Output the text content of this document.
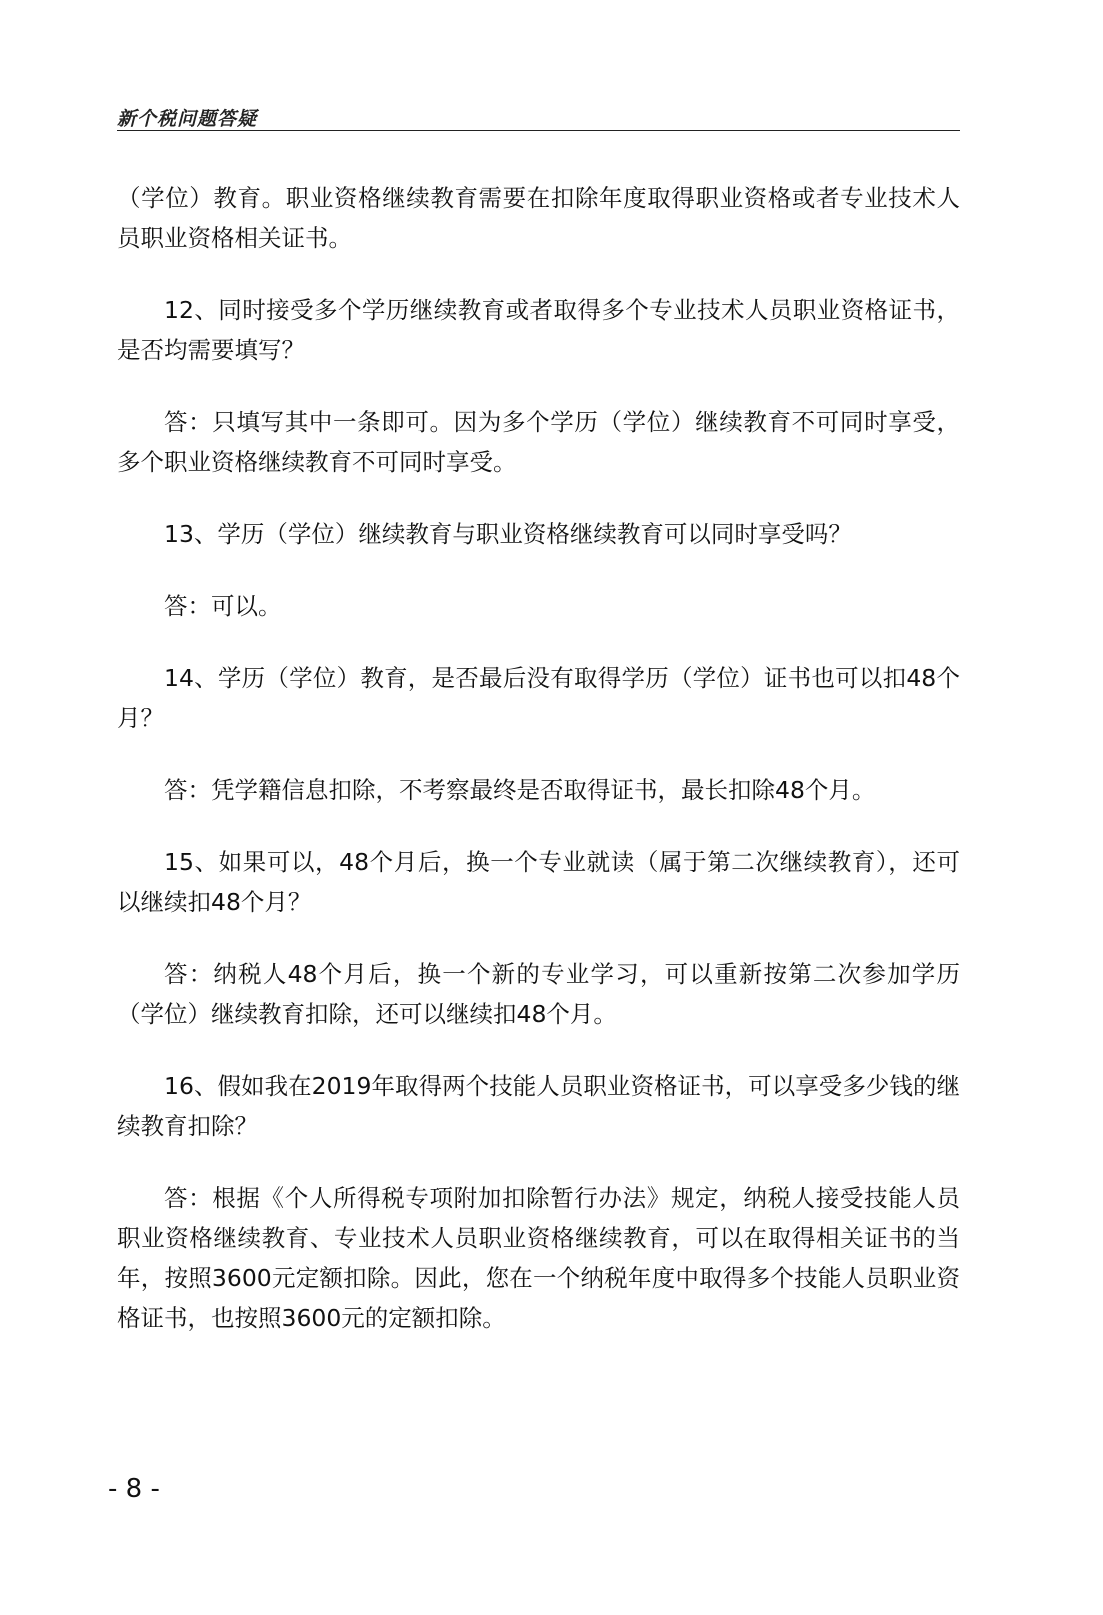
新个税问题答疑

（学位）教育。职业资格继续教育需要在扣除年度取得职业资格或者专业技术人员职业资格相关证书。

12、同时接受多个学历继续教育或者取得多个专业技术人员职业资格证书，是否均需要填写？

答：只填写其中一条即可。因为多个学历（学位）继续教育不可同时享受，多个职业资格继续教育不可同时享受。

13、学历（学位）继续教育与职业资格继续教育可以同时享受吗？

答：可以。

14、学历（学位）教育，是否最后没有取得学历（学位）证书也可以扣48个月？

答：凭学籍信息扣除，不考察最终是否取得证书，最长扣除48个月。

15、如果可以，48个月后，换一个专业就读（属于第二次继续教育），还可以继续扣48个月？

答：纳税人48个月后，换一个新的专业学习，可以重新按第二次参加学历（学位）继续教育扣除，还可以继续扣48个月。

16、假如我在2019年取得两个技能人员职业资格证书，可以享受多少钱的继续教育扣除？

答：根据《个人所得税专项附加扣除暂行办法》规定，纳税人接受技能人员职业资格继续教育、专业技术人员职业资格继续教育，可以在取得相关证书的当年，按照3600元定额扣除。因此，您在一个纳税年度中取得多个技能人员职业资格证书，也按照3600元的定额扣除。

- 8 -
